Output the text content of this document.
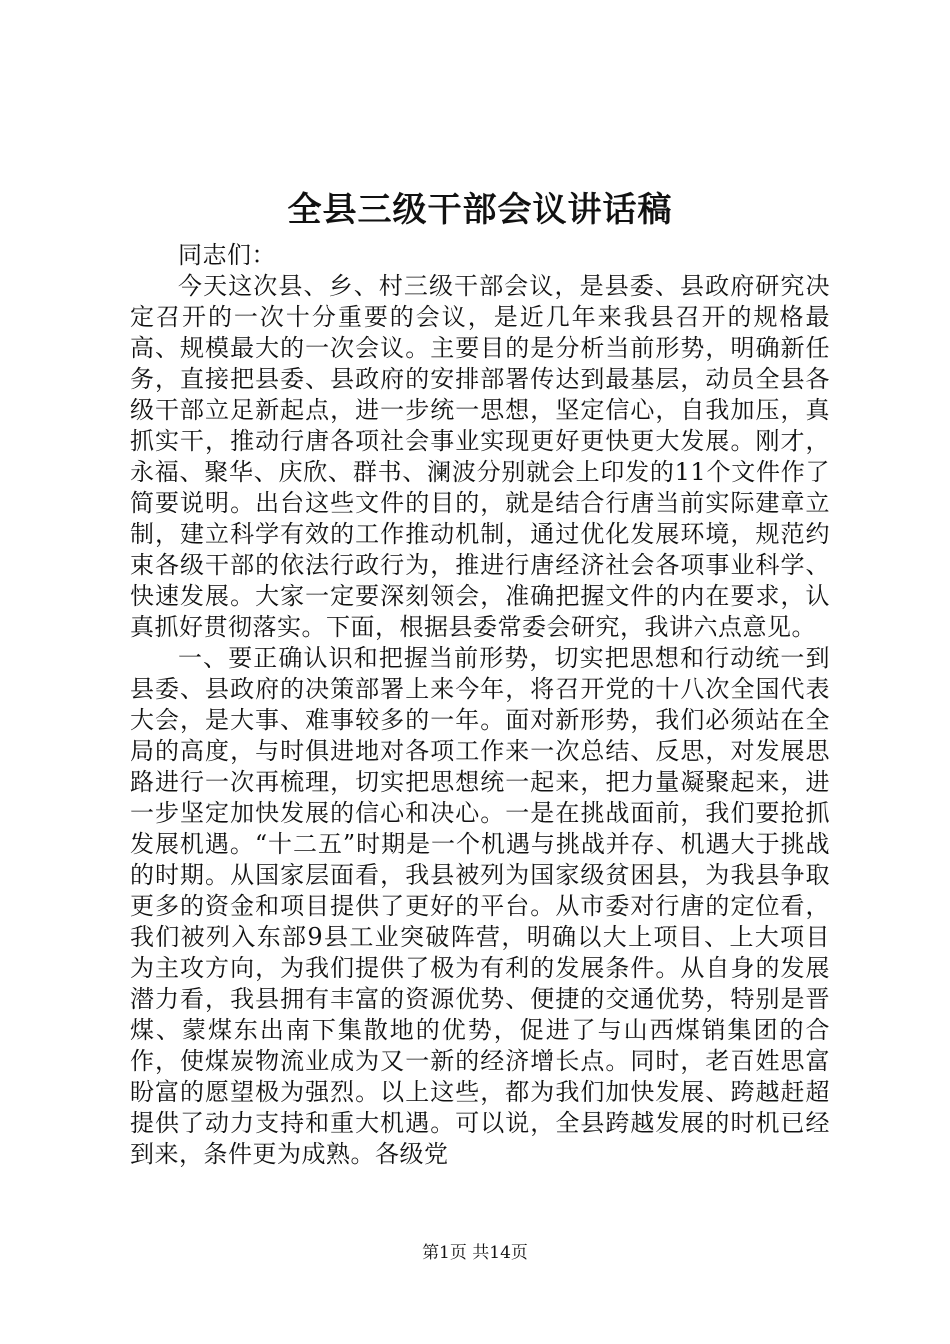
全县三级干部会议讲话稿

同志们：

今天这次县、乡、村三级干部会议，是县委、县政府研究决定召开的一次十分重要的会议，是近几年来我县召开的规格最高、规模最大的一次会议。主要目的是分析当前形势，明确新任务，直接把县委、县政府的安排部署传达到最基层，动员全县各级干部立足新起点，进一步统一思想，坚定信心，自我加压，真抓实干，推动行唐各项社会事业实现更好更快更大发展。刚才，永福、聚华、庆欣、群书、澜波分别就会上印发的11个文件作了简要说明。出台这些文件的目的，就是结合行唐当前实际建章立制，建立科学有效的工作推动机制，通过优化发展环境，规范约束各级干部的依法行政行为，推进行唐经济社会各项事业科学、快速发展。大家一定要深刻领会，准确把握文件的内在要求，认真抓好贯彻落实。下面，根据县委常委会研究，我讲六点意见。

一、要正确认识和把握当前形势，切实把思想和行动统一到县委、县政府的决策部署上来今年，将召开党的十八次全国代表大会，是大事、难事较多的一年。面对新形势，我们必须站在全局的高度，与时俱进地对各项工作来一次总结、反思，对发展思路进行一次再梳理，切实把思想统一起来，把力量凝聚起来，进一步坚定加快发展的信心和决心。一是在挑战面前，我们要抢抓发展机遇。“十二五”时期是一个机遇与挑战并存、机遇大于挑战的时期。从国家层面看，我县被列为国家级贫困县，为我县争取更多的资金和项目提供了更好的平台。从市委对行唐的定位看，我们被列入东部9县工业突破阵营，明确以大上项目、上大项目为主攻方向，为我们提供了极为有利的发展条件。从自身的发展潜力看，我县拥有丰富的资源优势、便捷的交通优势，特别是晋煤、蒙煤东出南下集散地的优势，促进了与山西煤销集团的合作，使煤炭物流业成为又一新的经济增长点。同时，老百姓思富盼富的愿望极为强烈。以上这些，都为我们加快发展、跨越赶超提供了动力支持和重大机遇。可以说，全县跨越发展的时机已经到来，条件更为成熟。各级党

第1页 共14页
